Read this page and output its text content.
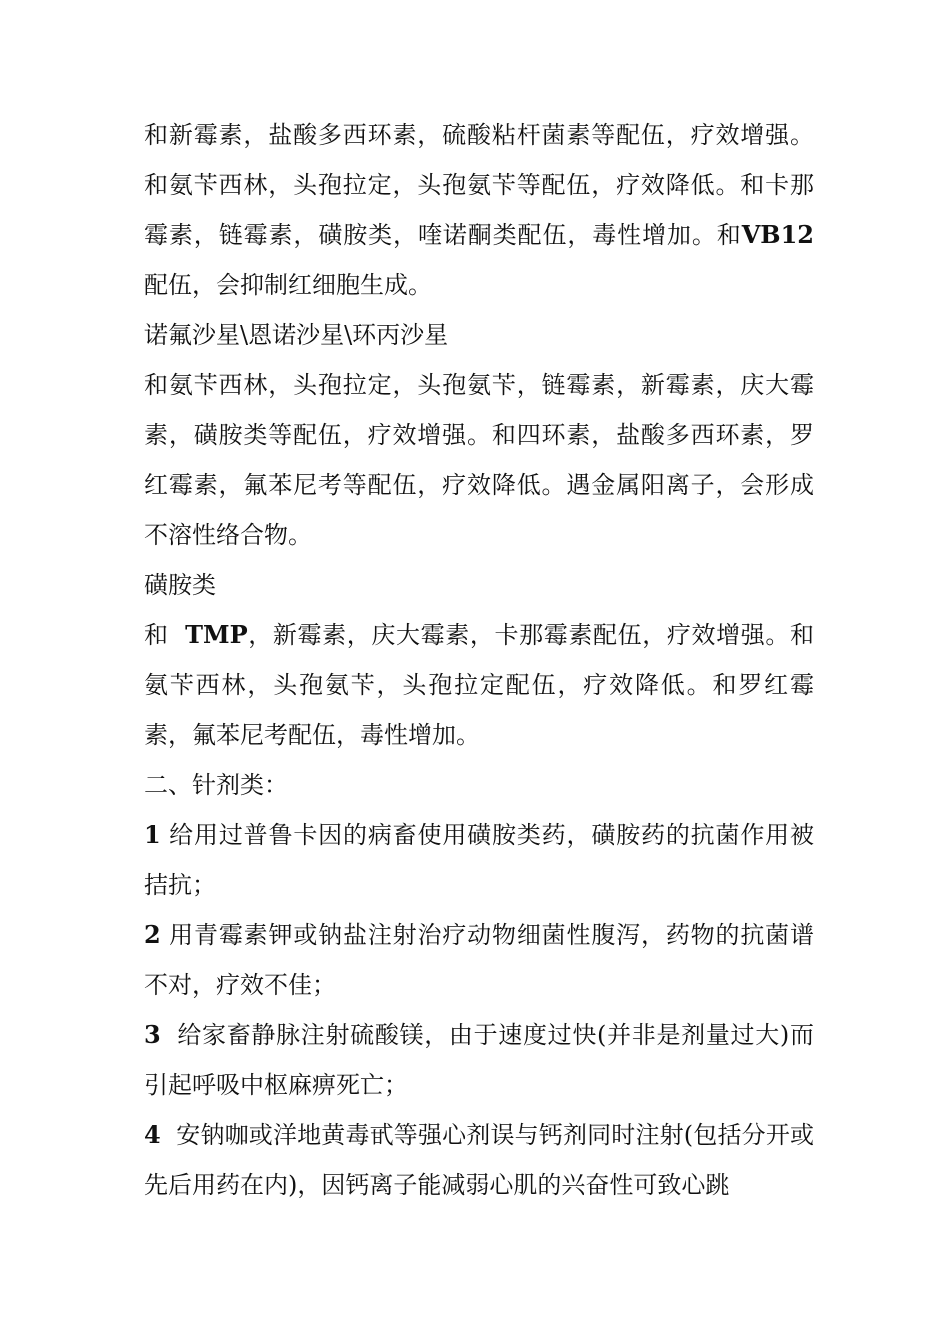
和新霉素，盐酸多西环素，硫酸粘杆菌素等配伍，疗效增强。和氨苄西林，头孢拉定，头孢氨苄等配伍，疗效降低。和卡那霉素，链霉素，磺胺类，喹诺酮类配伍，毒性增加。和VB12 配伍，会抑制红细胞生成。

诺氟沙星\恩诺沙星\环丙沙星

和氨苄西林，头孢拉定，头孢氨苄，链霉素，新霉素，庆大霉素，磺胺类等配伍，疗效增强。和四环素，盐酸多西环素，罗红霉素，氟苯尼考等配伍，疗效降低。遇金属阳离子，会形成不溶性络合物。

磺胺类

和 TMP，新霉素，庆大霉素，卡那霉素配伍，疗效增强。和氨苄西林，头孢氨苄，头孢拉定配伍，疗效降低。和罗红霉素，氟苯尼考配伍，毒性增加。

二、针剂类：

1 给用过普鲁卡因的病畜使用磺胺类药，磺胺药的抗菌作用被拮抗；

2 用青霉素钾或钠盐注射治疗动物细菌性腹泻，药物的抗菌谱不对，疗效不佳；

3 给家畜静脉注射硫酸镁，由于速度过快(并非是剂量过大)而引起呼吸中枢麻痹死亡；

4 安钠咖或洋地黄毒甙等强心剂误与钙剂同时注射(包括分开或先后用药在内)，因钙离子能减弱心肌的兴奋性可致心跳
